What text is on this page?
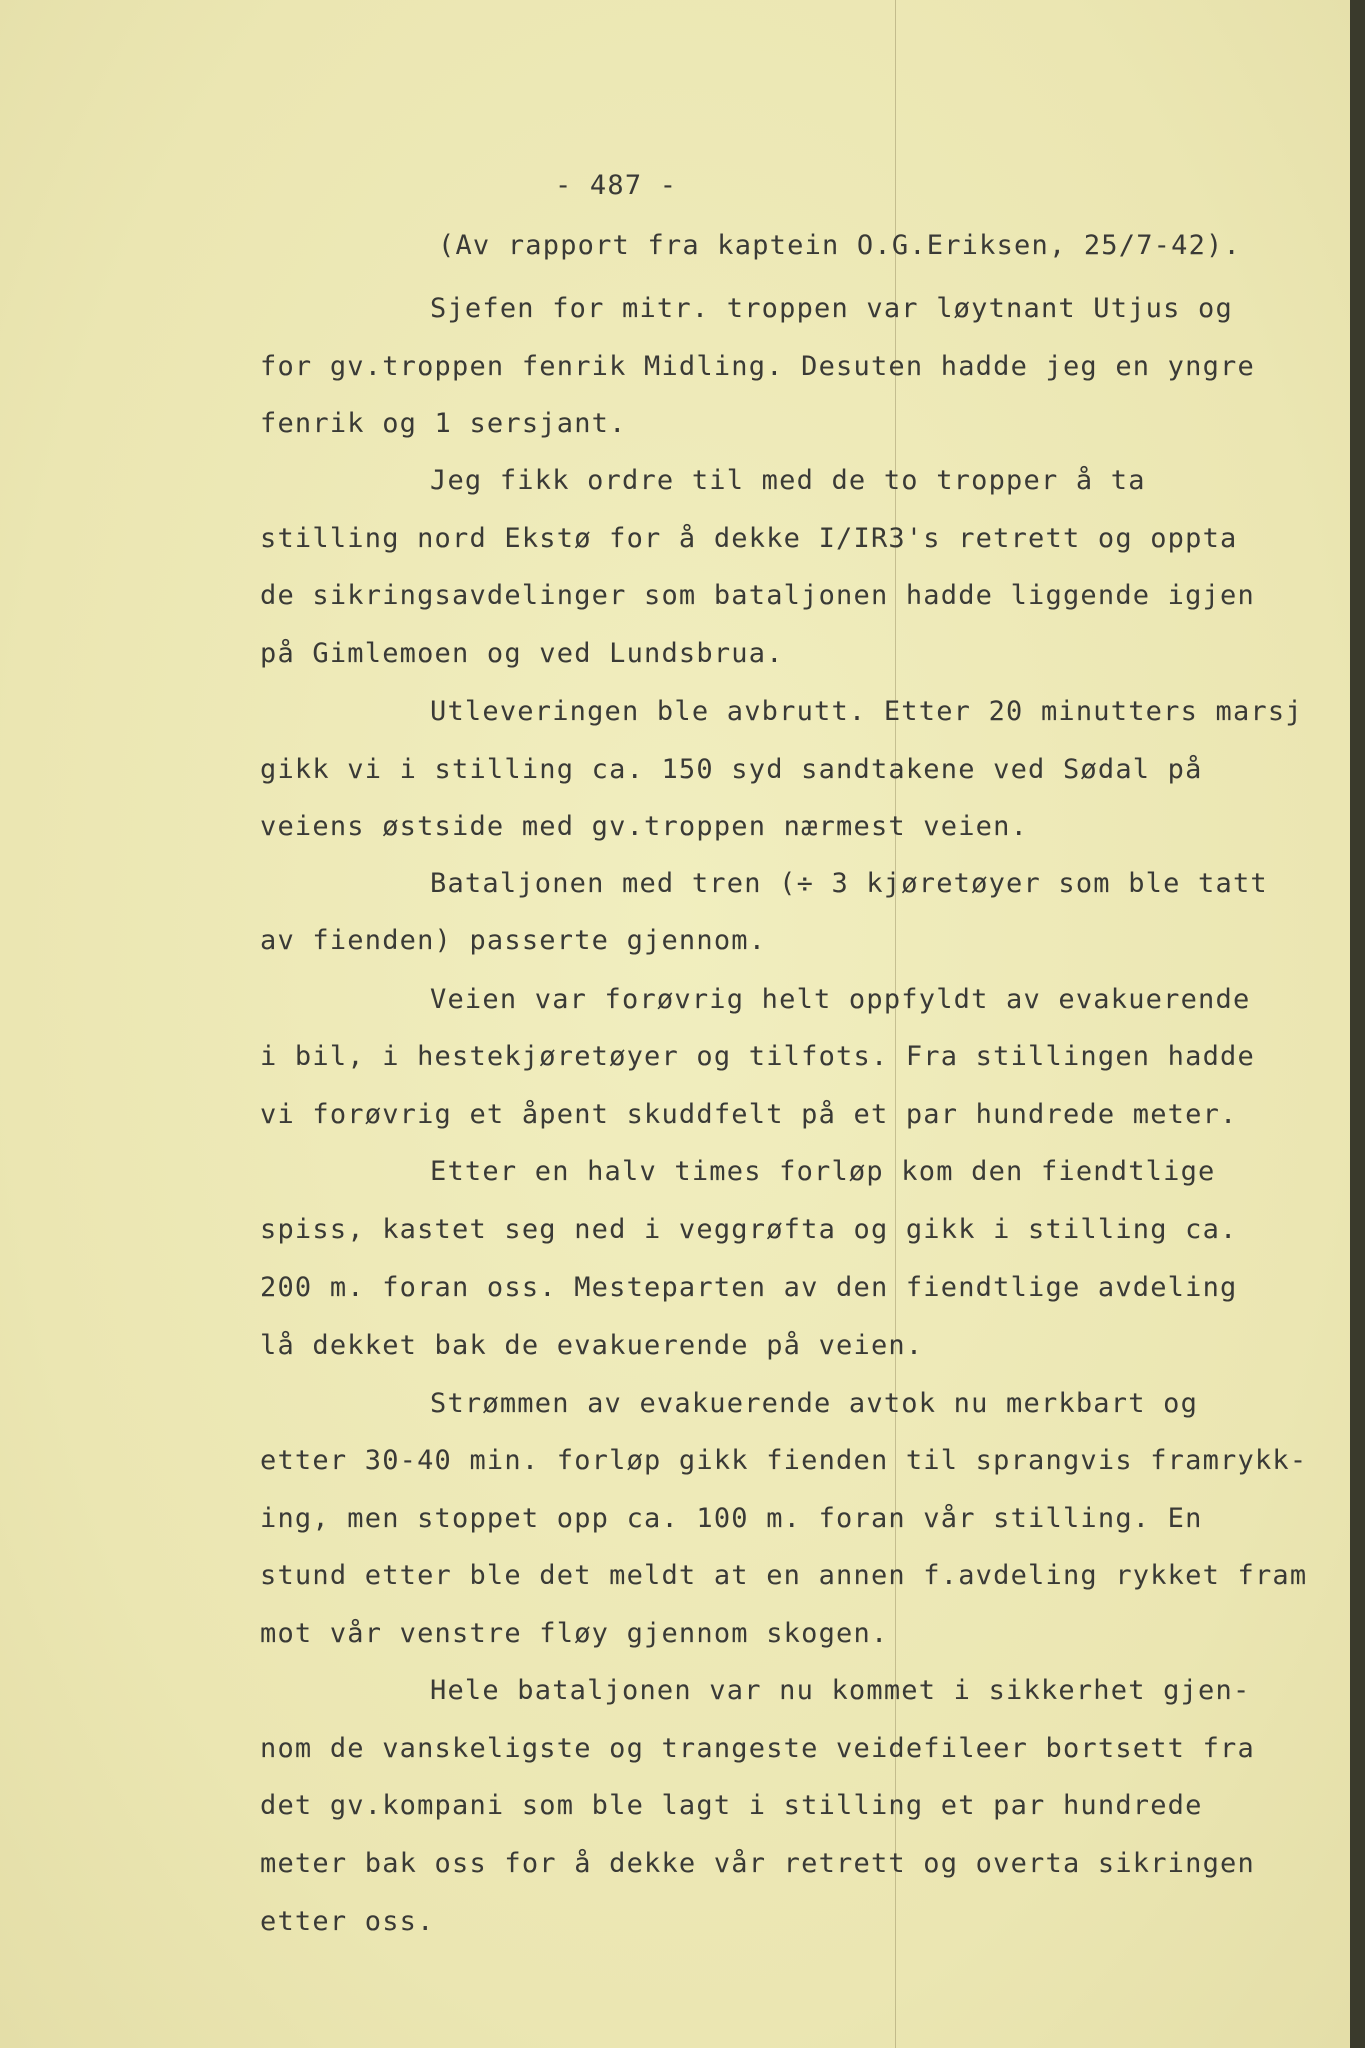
- 487 -
(Av rapport fra kaptein O.G.Eriksen, 25/7-42).
Sjefen for mitr. troppen var løytnant Utjus og
for gv.troppen fenrik Midling. Desuten hadde jeg en yngre
fenrik og 1 sersjant.
Jeg fikk ordre til med de to tropper å ta
stilling nord Ekstø for å dekke I/IR3's retrett og oppta
de sikringsavdelinger som bataljonen hadde liggende igjen
på Gimlemoen og ved Lundsbrua.
Utleveringen ble avbrutt. Etter 20 minutters marsj
gikk vi i stilling ca. 150 syd sandtakene ved Sødal på
veiens østside med gv.troppen nærmest veien.
Bataljonen med tren (÷ 3 kjøretøyer som ble tatt
av fienden) passerte gjennom.
Veien var forøvrig helt oppfyldt av evakuerende
i bil, i hestekjøretøyer og tilfots. Fra stillingen hadde
vi forøvrig et åpent skuddfelt på et par hundrede meter.
Etter en halv times forløp kom den fiendtlige
spiss, kastet seg ned i veggrøfta og gikk i stilling ca.
200 m. foran oss. Mesteparten av den fiendtlige avdeling
lå dekket bak de evakuerende på veien.
Strømmen av evakuerende avtok nu merkbart og
etter 30-40 min. forløp gikk fienden til sprangvis framrykk-
ing, men stoppet opp ca. 100 m. foran vår stilling. En
stund etter ble det meldt at en annen f.avdeling rykket fram
mot vår venstre fløy gjennom skogen.
Hele bataljonen var nu kommet i sikkerhet gjen-
nom de vanskeligste og trangeste veidefileer bortsett fra
det gv.kompani som ble lagt i stilling et par hundrede
meter bak oss for å dekke vår retrett og overta sikringen
etter oss.
